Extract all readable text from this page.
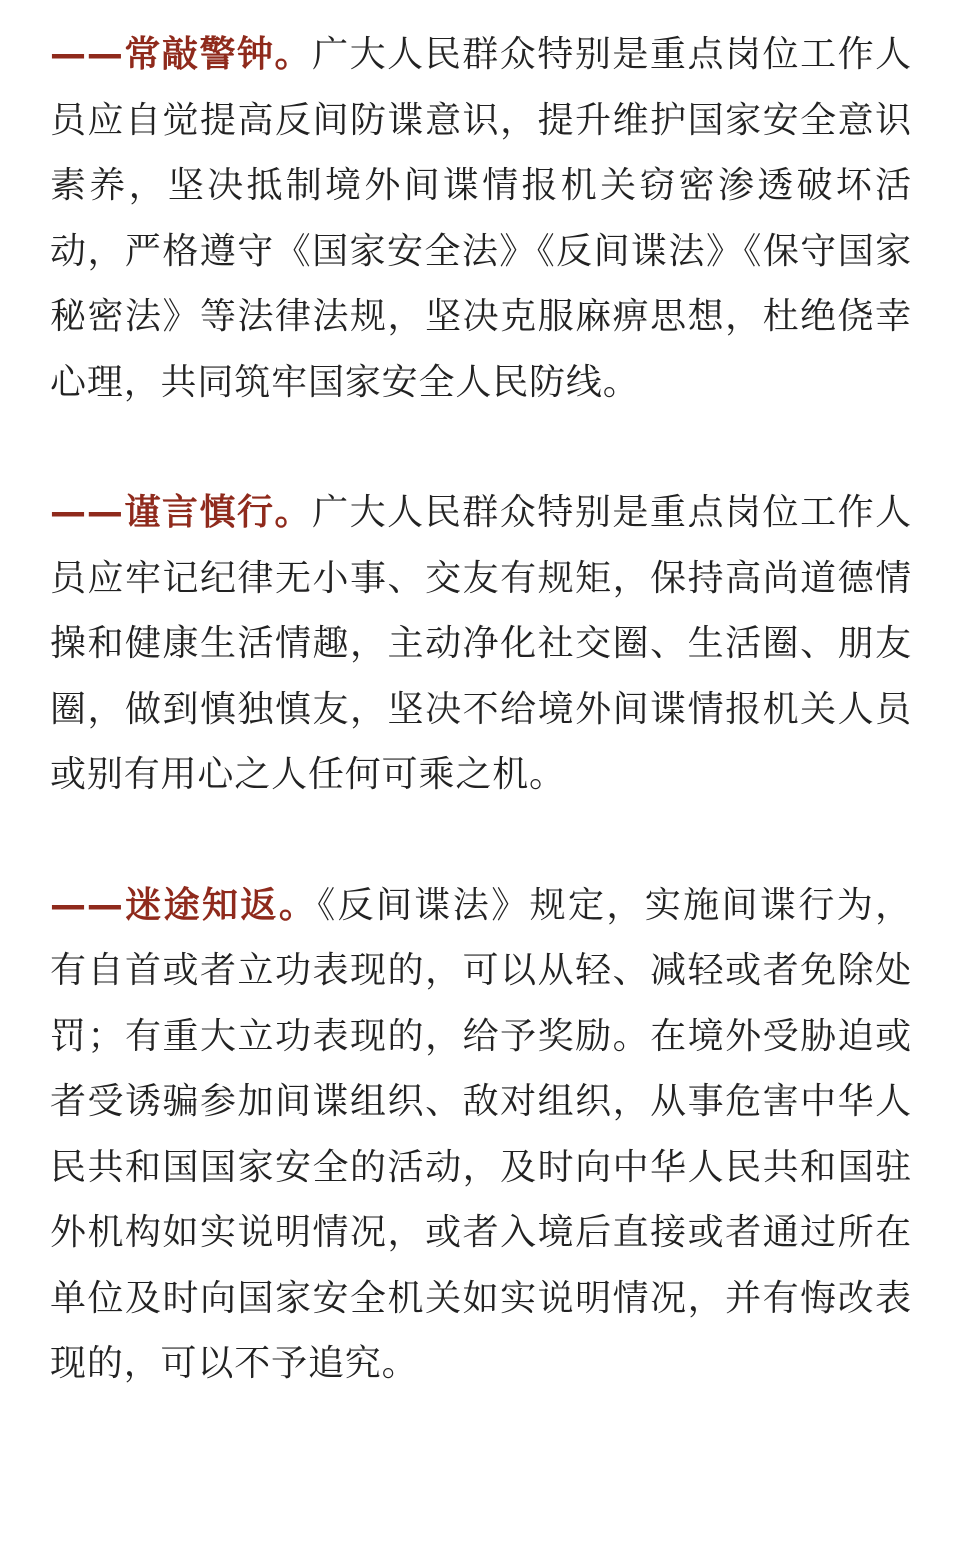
——常敲警钟。广大人民群众特别是重点岗位工作人员应自觉提高反间防谍意识，提升维护国家安全意识素养，坚决抵制境外间谍情报机关窃密渗透破坏活动，严格遵守《国家安全法》《反间谍法》《保守国家秘密法》等法律法规，坚决克服麻痹思想，杜绝侥幸心理，共同筑牢国家安全人民防线。

——谨言慎行。广大人民群众特别是重点岗位工作人员应牢记纪律无小事、交友有规矩，保持高尚道德情操和健康生活情趣，主动净化社交圈、生活圈、朋友圈，做到慎独慎友，坚决不给境外间谍情报机关人员或别有用心之人任何可乘之机。

——迷途知返。《反间谍法》规定，实施间谍行为，有自首或者立功表现的，可以从轻、减轻或者免除处罚；有重大立功表现的，给予奖励。在境外受胁迫或者受诱骗参加间谍组织、敌对组织，从事危害中华人民共和国国家安全的活动，及时向中华人民共和国驻外机构如实说明情况，或者入境后直接或者通过所在单位及时向国家安全机关如实说明情况，并有悔改表现的，可以不予追究。
